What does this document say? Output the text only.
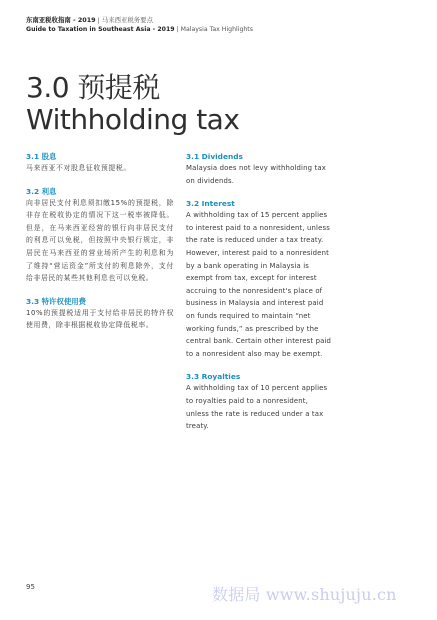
东南亚税收指南 - 2019 | 马来西亚税务要点
Guide to Taxation in Southeast Asia - 2019 | Malaysia Tax Highlights
3.0 预提税
Withholding tax
3.1 股息

马来西亚不对股息征收预提税。

3.2 利息

向非居民支付利息须扣缴15%的预提税，除非存在税收协定的情况下这一税率被降低。但是，在马来西亚经营的银行向非居民支付的利息可以免税，但按照中央银行规定，非居民在马来西亚的营业场所产生的利息和为了维持“营运资金”所支付的利息除外，支付给非居民的某些其他利息也可以免税。

3.3 特许权使用费

10%的预提税适用于支付给非居民的特许权使用费，除非根据税收协定降低税率。

3.1 Dividends

Malaysia does not levy withholding tax on dividends.

3.2 Interest

A withholding tax of 15 percent applies to interest paid to a nonresident, unless the rate is reduced under a tax treaty. However, interest paid to a nonresident by a bank operating in Malaysia is exempt from tax, except for interest accruing to the nonresident's place of business in Malaysia and interest paid on funds required to maintain “net working funds,” as prescribed by the central bank. Certain other interest paid to a nonresident also may be exempt.

3.3 Royalties

A withholding tax of 10 percent applies to royalties paid to a nonresident, unless the rate is reduced under a tax treaty.

95	数据局 www.shujuju.cn
